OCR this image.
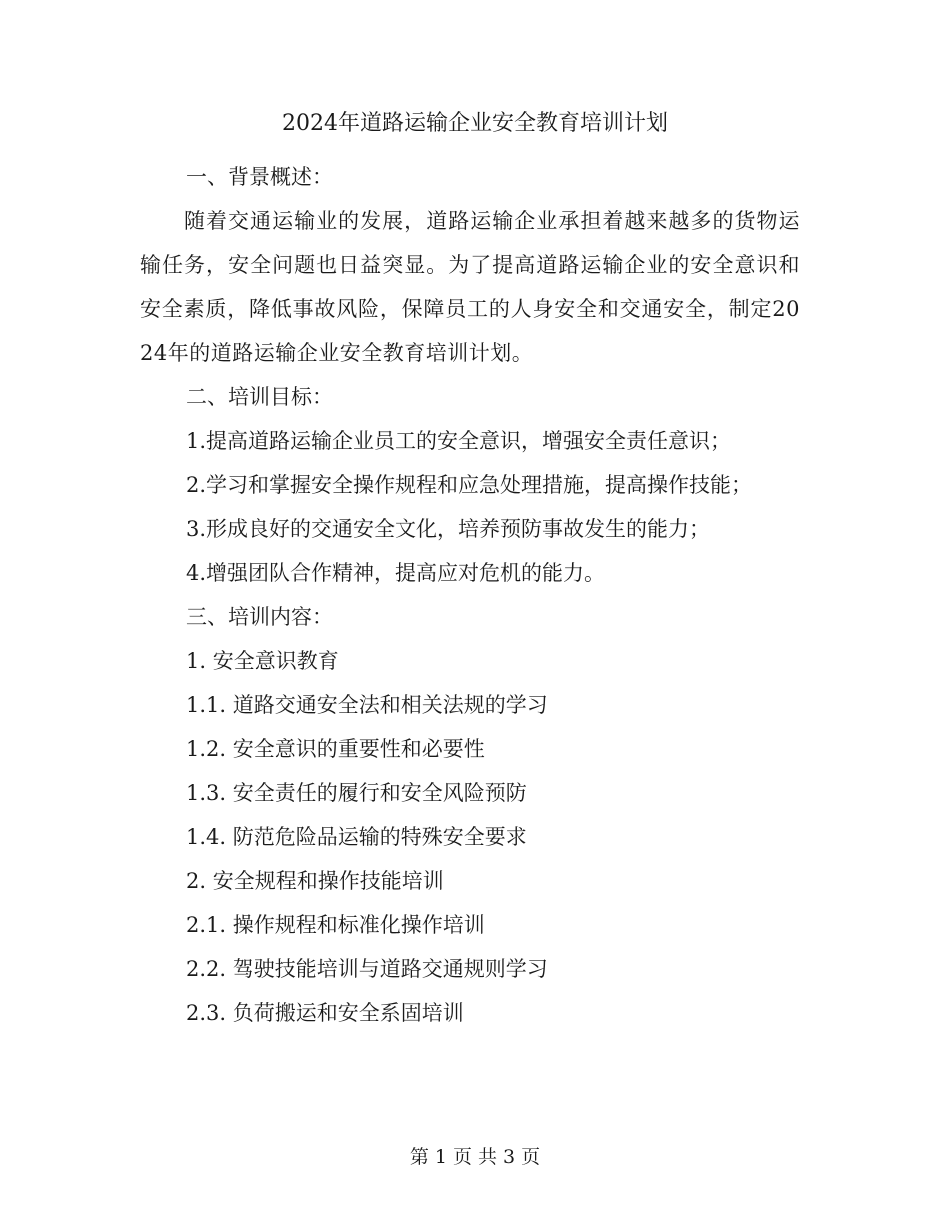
2024年道路运输企业安全教育培训计划
一、背景概述：

随着交通运输业的发展，道路运输企业承担着越来越多的货物运输任务，安全问题也日益突显。为了提高道路运输企业的安全意识和安全素质，降低事故风险，保障员工的人身安全和交通安全，制定2024年的道路运输企业安全教育培训计划。

二、培训目标：
1.提高道路运输企业员工的安全意识，增强安全责任意识；

2.学习和掌握安全操作规程和应急处理措施，提高操作技能；

3.形成良好的交通安全文化，培养预防事故发生的能力；
4.增强团队合作精神，提高应对危机的能力。
三、培训内容：
1. 安全意识教育
1.1. 道路交通安全法和相关法规的学习
1.2. 安全意识的重要性和必要性
1.3. 安全责任的履行和安全风险预防
1.4. 防范危险品运输的特殊安全要求
2. 安全规程和操作技能培训
2.1. 操作规程和标准化操作培训
2.2. 驾驶技能培训与道路交通规则学习
2.3. 负荷搬运和安全系固培训
第 1 页 共 3 页
